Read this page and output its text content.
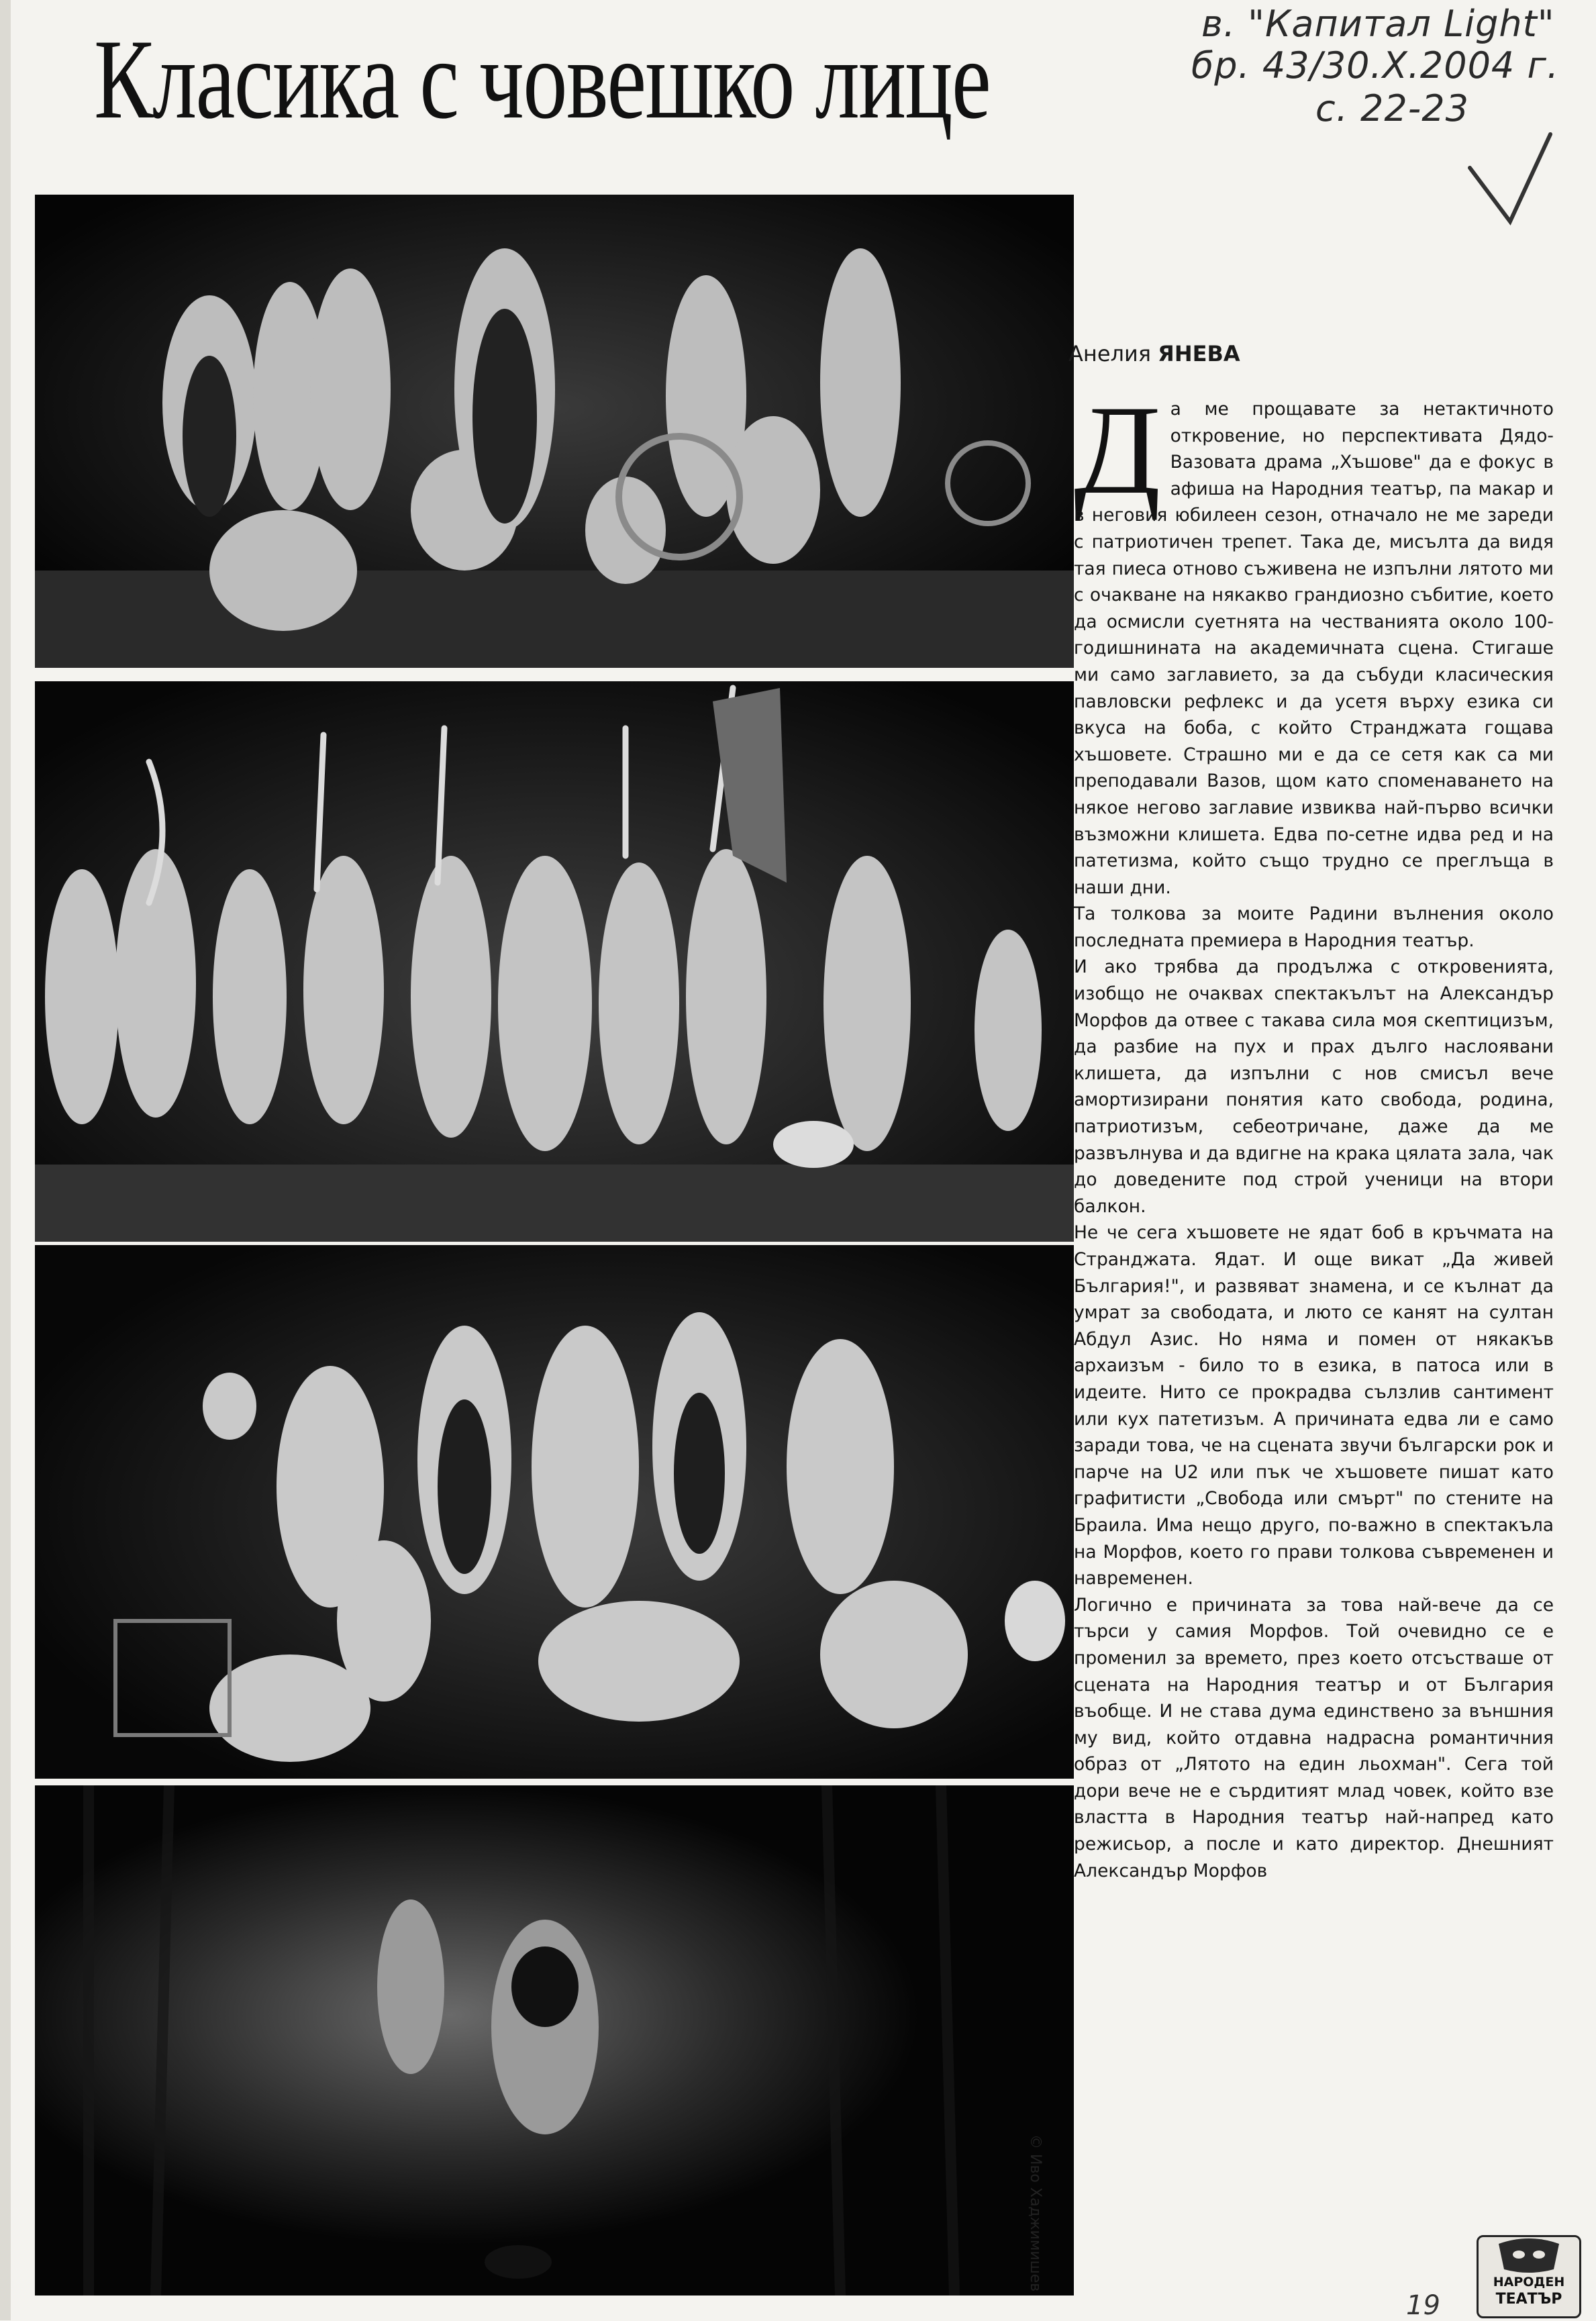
Класика с човешко лице	в. "Капитал Light"
бр. 43/30.X.2004 г.
с. 22-23
© Иво Хаджимишев
Анелия ЯНЕВА
Д а ме прощавате за нетактичното откровение, но перспективата Дядо-Вазовата драма „Хъшове" да е фокус в афиша на Народния театър, па макар и в неговия юбилеен сезон, отначало не ме зареди с патриотичен трепет. Така де, мисълта да видя тая пиеса отново съживена не изпълни лятото ми с очакване на някакво грандиозно събитие, което да осмисли суетнята на честванията около 100-годишнината на академичната сцена. Стигаше ми само заглавието, за да събуди класическия павловски рефлекс и да усетя върху езика си вкуса на боба, с който Странджата гощава хъшовете. Страшно ми е да се сетя как са ми преподавали Вазов, щом като споменаването на някое негово заглавие извиква най-първо всички възможни клишета. Едва по-сетне идва ред и на патетизма, който също трудно се преглъща в наши дни.

Та толкова за моите Радини вълнения около последната премиера в Народния театър.

И ако трябва да продължа с откровенията, изобщо не очаквах спектакълът на Александър Морфов да отвее с такава сила моя скептицизъм, да разбие на пух и прах дълго наслоявани клишета, да изпълни с нов смисъл вече амортизирани понятия като свобода, родина, патриотизъм, себеотричане, даже да ме развълнува и да вдигне на крака цялата зала, чак до доведените под строй ученици на втори балкон.

Не че сега хъшовете не ядат боб в кръчмата на Странджата. Ядат. И още викат „Да живей България!", и развяват знамена, и се кълнат да умрат за свободата, и люто се канят на султан Абдул Азис. Но няма и помен от някакъв архаизъм - било то в езика, в патоса или в идеите. Нито се прокрадва сълзлив сантимент или кух патетизъм. А причината едва ли е само заради това, че на сцената звучи български рок и парче на U2 или пък че хъшовете пишат като графитисти „Свобода или смърт" по стените на Браила. Има нещо друго, по-важно в спектакъла на Морфов, което го прави толкова съвременен и навременен.

Логично е причината за това най-вече да се търси у самия Морфов. Той очевидно се е променил за времето, през което отсъстваше от сцената на Народния театър и от България въобще. И не става дума единствено за външния му вид, който отдавна надрасна романтичния образ от „Лятото на един льохман". Сега той дори вече не е сърдитият млад човек, който взе властта в Народния театър най-напред като режисьор, а после и като директор. Днешният Александър Морфов

19
НАРОДЕН
ТЕАТЪР
